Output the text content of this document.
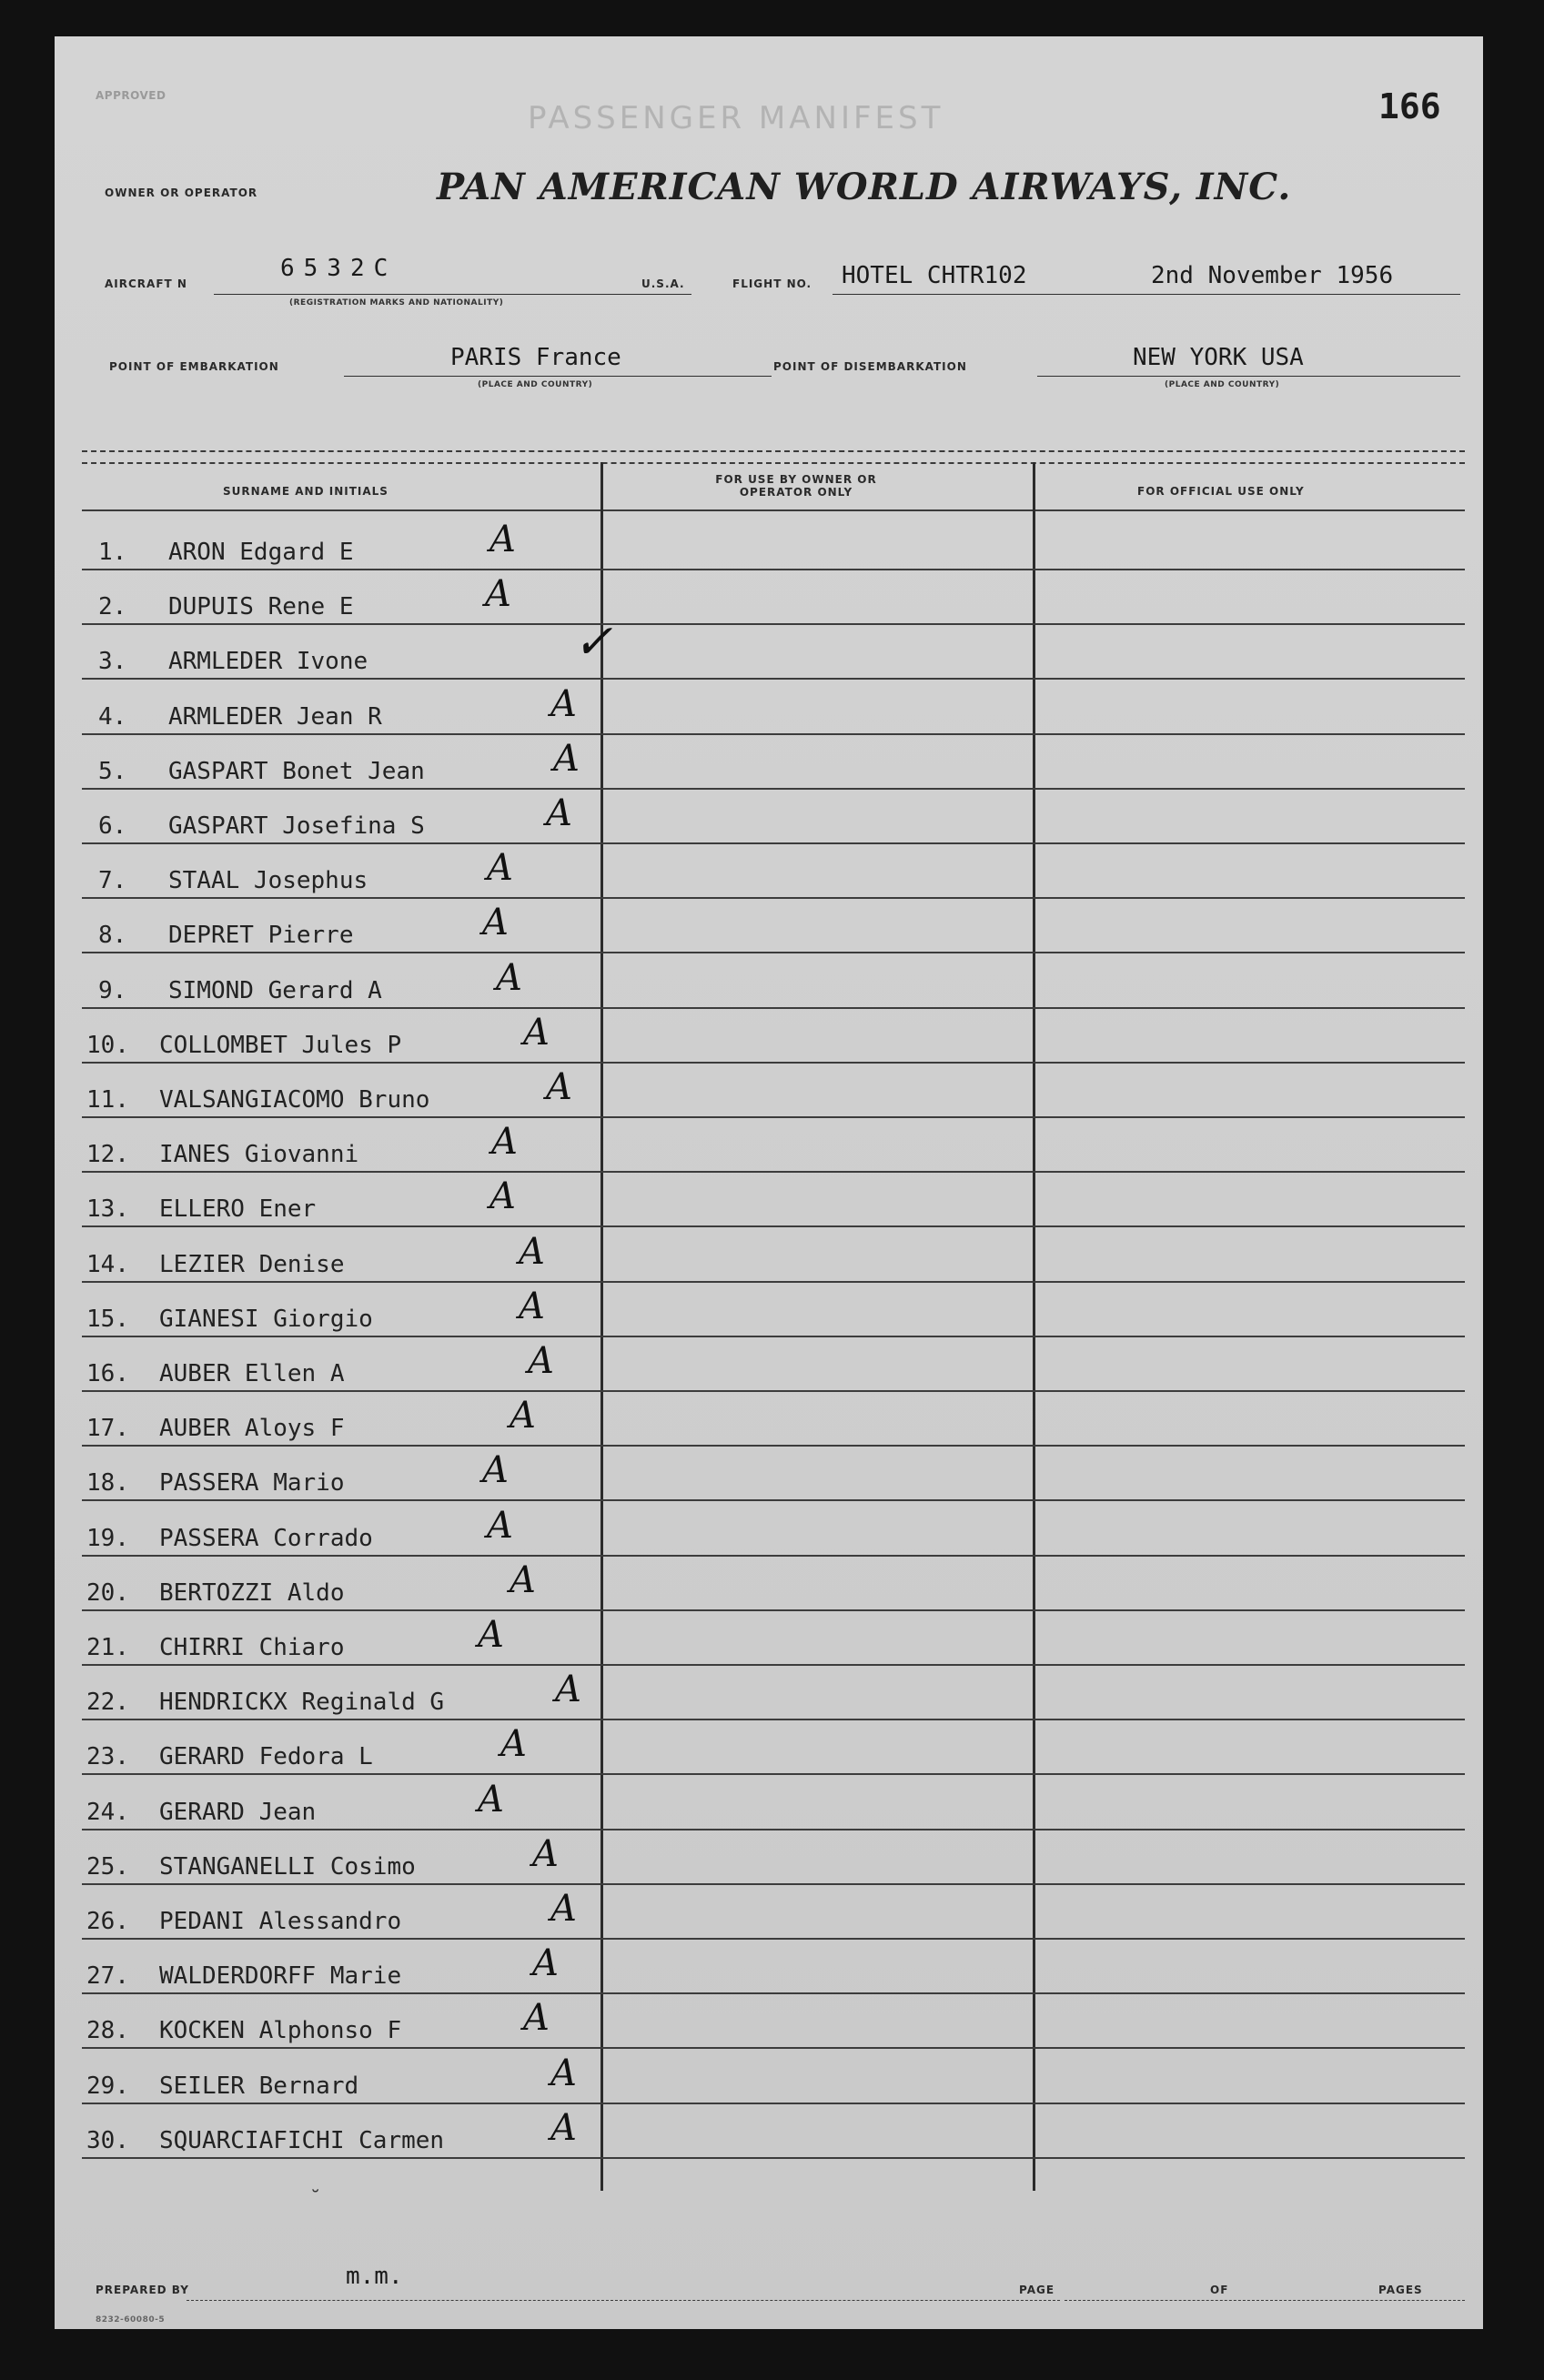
APPROVED
PASSENGER MANIFEST	166
OWNER OR OPERATOR	PAN AMERICAN WORLD AIRWAYS, INC.
AIRCRAFT N
6532C
(REGISTRATION MARKS AND NATIONALITY)
U.S.A.	FLIGHT NO. HOTEL CHTR102	2nd November 1956
POINT OF EMBARKATION	PARIS France
(PLACE AND COUNTRY)
POINT OF DISEMBARKATION	NEW YORK USA
(PLACE AND COUNTRY)
SURNAME AND INITIALS
FOR USE BY OWNER OR OPERATOR ONLY	FOR OFFICIAL USE ONLY
1. ARON Edgard E	A
2. DUPUIS Rene E	A
3. ARMLEDER Ivone	✓
4. ARMLEDER Jean R	A
5. GASPART Bonet Jean	A
6. GASPART Josefina S	A
7. STAAL Josephus	A
8. DEPRET Pierre	A
9. SIMOND Gerard A	A
10. COLLOMBET Jules P	A
11. VALSANGIACOMO Bruno	A
12. IANES Giovanni	A
13. ELLERO Ener	A
14. LEZIER Denise	A
15. GIANESI Giorgio	A
16. AUBER Ellen A	A
17. AUBER Aloys F	A
18. PASSERA Mario	A
19. PASSERA Corrado	A
20. BERTOZZI Aldo	A
21. CHIRRI Chiaro	A
22. HENDRICKX Reginald G	A
23. GERARD Fedora L	A
24. GERARD Jean	A
25. STANGANELLI Cosimo	A
26. PEDANI Alessandro	A
27. WALDERDORFF Marie	A
28. KOCKEN Alphonso F	A
29. SEILER Bernard	A
30. SQUARCIAFICHI Carmen	A
˘
PREPARED BY	m.m.	PAGE	OF	PAGES
8232-60080-5
